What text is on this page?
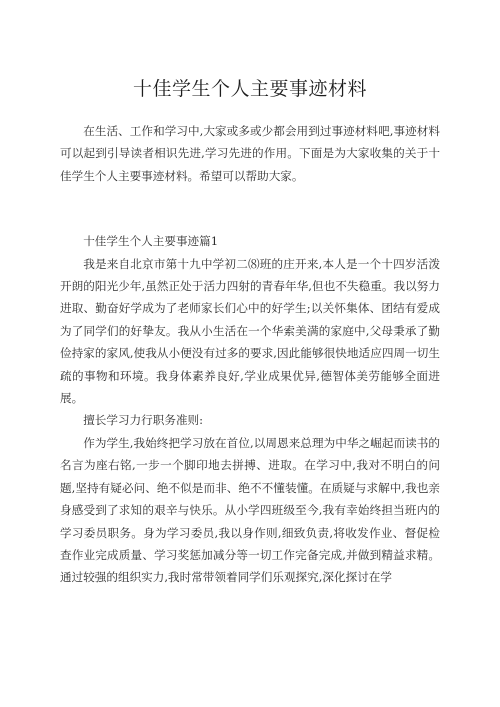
十佳学生个人主要事迹材料

在生活、工作和学习中,大家或多或少都会用到过事迹材料吧,事迹材料可以起到引导读者相识先进,学习先进的作用。下面是为大家收集的关于十佳学生个人主要事迹材料。希望可以帮助大家。

十佳学生个人主要事迹篇1

我是来自北京市第十九中学初二⑻班的庄开来,本人是一个十四岁活泼开朗的阳光少年,虽然正处于活力四射的青春年华,但也不失稳重。我以努力进取、勤奋好学成为了老师家长们心中的好学生;以关怀集体、团结有爱成为了同学们的好挚友。我从小生活在一个华索美满的家庭中,父母秉承了勤俭持家的家风,使我从小便没有过多的要求,因此能够很快地适应四周一切生疏的事物和环境。我身体素养良好,学业成果优异,德智体美劳能够全面进展。

擅长学习力行职务准则:

作为学生,我始终把学习放在首位,以周恩来总理为中华之崛起而读书的名言为座右铭,一步一个脚印地去拼搏、进取。在学习中,我对不明白的问题,坚持有疑必问、绝不似是而非、绝不不懂装懂。在质疑与求解中,我也亲身感受到了求知的艰辛与快乐。从小学四班级至今,我有幸始终担当班内的学习委员职务。身为学习委员,我以身作则,细致负责,将收发作业、督促检查作业完成质量、学习奖惩加减分等一切工作完备完成,并做到精益求精。通过较强的组织实力,我时常带领着同学们乐观探究,深化探讨在学
